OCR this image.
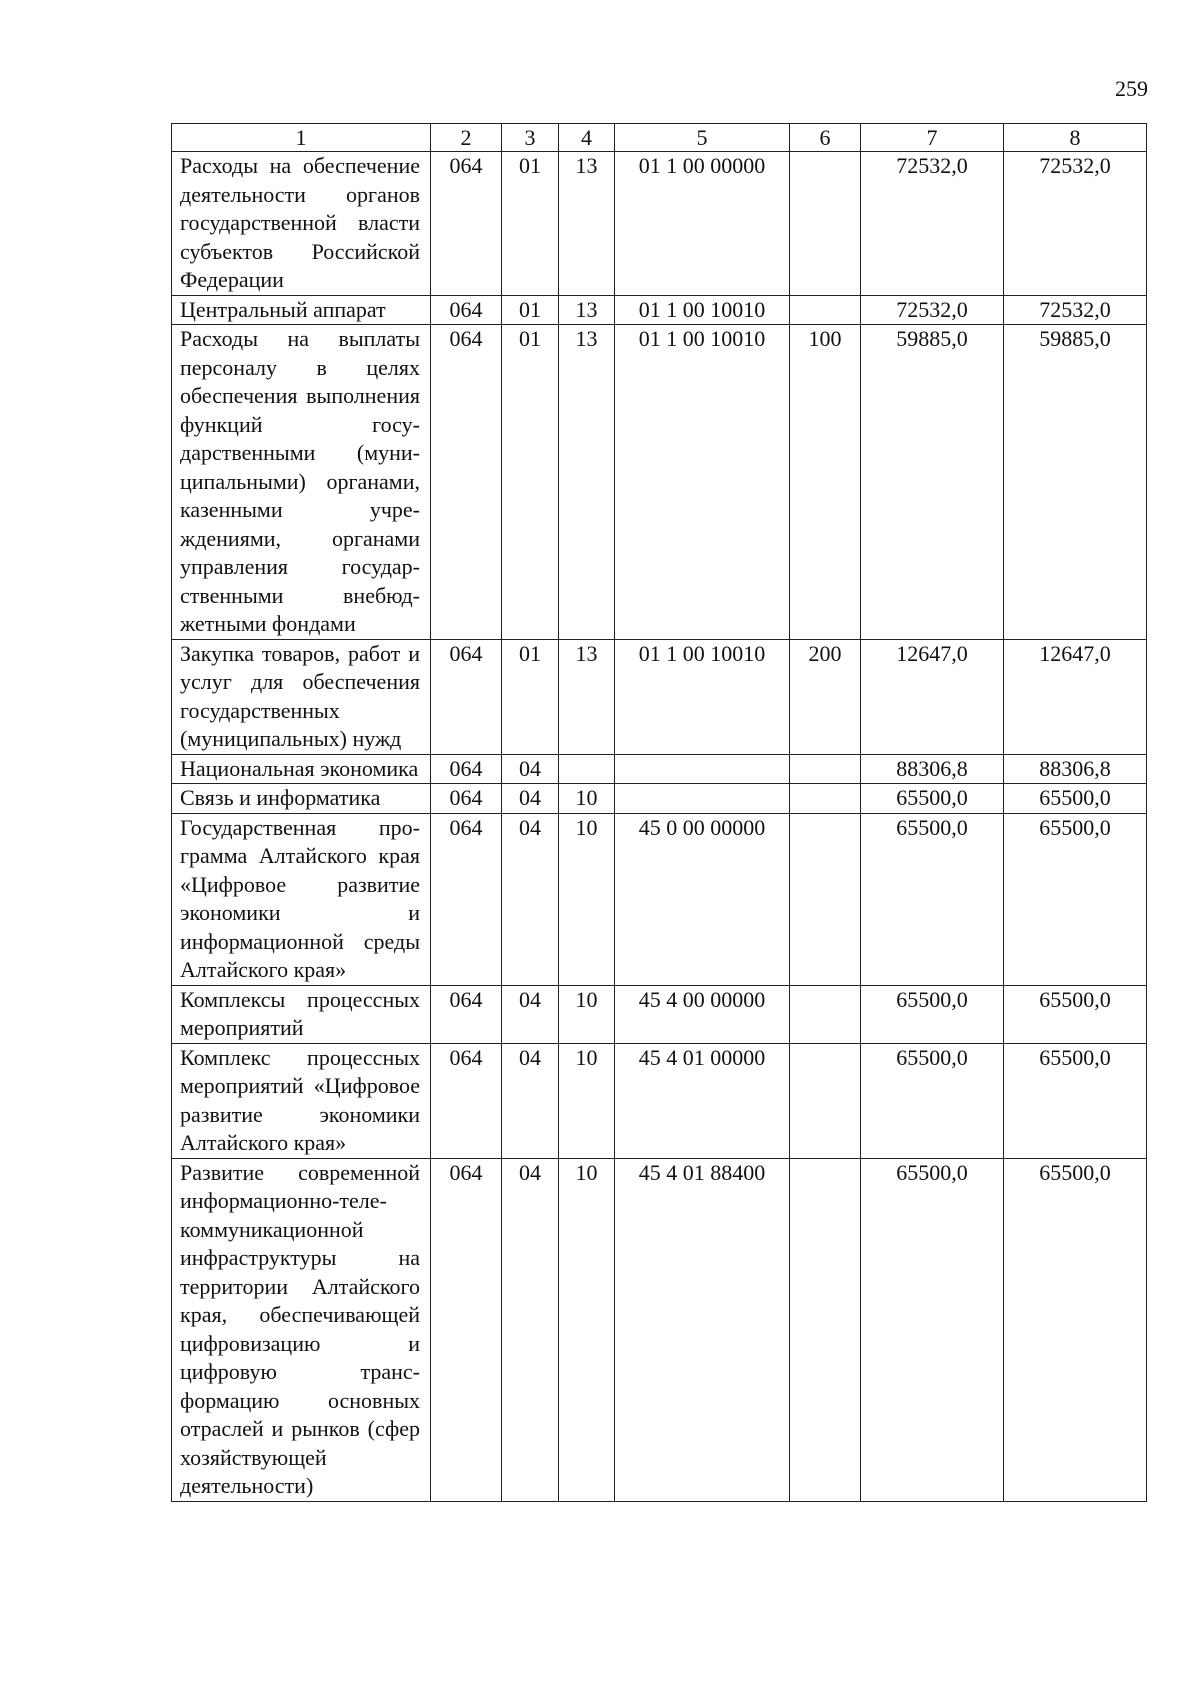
259
1	2	3	4	5	6	7	8
Расходы на обеспечение деятельности органов государственной власти субъектов Российской Федерации	064	01	13	01 1 00 00000		72532,0	72532,0
Центральный аппарат	064	01	13	01 1 00 10010		72532,0	72532,0
Расходы на выплаты персоналу в целях обеспечения выполнения функций государственными (муниципальными) органами, казенными учреждениями, органами управления государственными внебюджетными фондами	064	01	13	01 1 00 10010	100	59885,0	59885,0
Закупка товаров, работ и услуг для обеспечения государственных (муниципальных) нужд	064	01	13	01 1 00 10010	200	12647,0	12647,0
Национальная экономика	064	04				88306,8	88306,8
Связь и информатика	064	04	10			65500,0	65500,0
Государственная программа Алтайского края «Цифровое развитие экономики и информационной среды Алтайского края»	064	04	10	45 0 00 00000		65500,0	65500,0
Комплексы процессных мероприятий	064	04	10	45 4 00 00000		65500,0	65500,0
Комплекс процессных мероприятий «Цифровое развитие экономики Алтайского края»	064	04	10	45 4 01 00000		65500,0	65500,0
Развитие современной информационно-телекоммуникационной инфраструктуры на территории Алтайского края, обеспечивающей цифровизацию и цифровую трансформацию основных отраслей и рынков (сфер хозяйствующей деятельности)	064	04	10	45 4 01 88400		65500,0	65500,0
